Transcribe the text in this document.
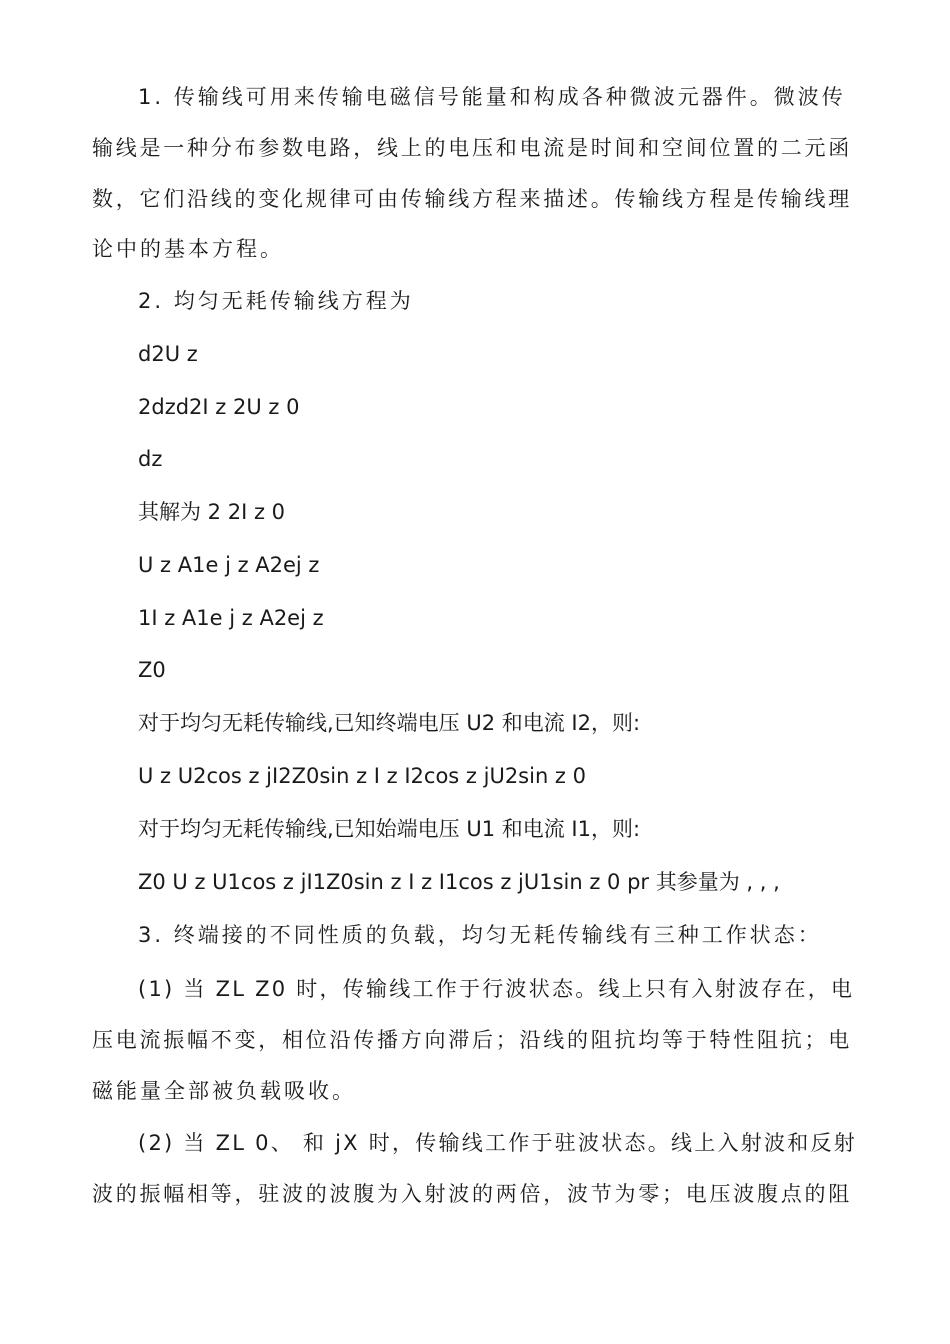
1. 传输线可用来传输电磁信号能量和构成各种微波元器件。微波传

输线是一种分布参数电路，线上的电压和电流是时间和空间位置的二元函

数，它们沿线的变化规律可由传输线方程来描述。传输线方程是传输线理

论中的基本方程。

2. 均匀无耗传输线方程为

d2U z

2dzd2I z 2U z 0

dz

其解为 2 2I z 0

U z A1e j z A2ej z

1I z A1e j z A2ej z

Z0

对于均匀无耗传输线,已知终端电压 U2 和电流 I2，则:

U z U2cos z jI2Z0sin z I z I2cos z jU2sin z 0

对于均匀无耗传输线,已知始端电压 U1 和电流 I1，则:

Z0 U z U1cos z jI1Z0sin z I z I1cos z jU1sin z 0 pr 其参量为 , , ,

3. 终端接的不同性质的负载，均匀无耗传输线有三种工作状态：

(1) 当 ZL Z0 时，传输线工作于行波状态。线上只有入射波存在，电

压电流振幅不变，相位沿传播方向滞后；沿线的阻抗均等于特性阻抗；电

磁能量全部被负载吸收。

(2) 当 ZL 0、 和 jX 时，传输线工作于驻波状态。线上入射波和反射

波的振幅相等，驻波的波腹为入射波的两倍，波节为零；电压波腹点的阻
